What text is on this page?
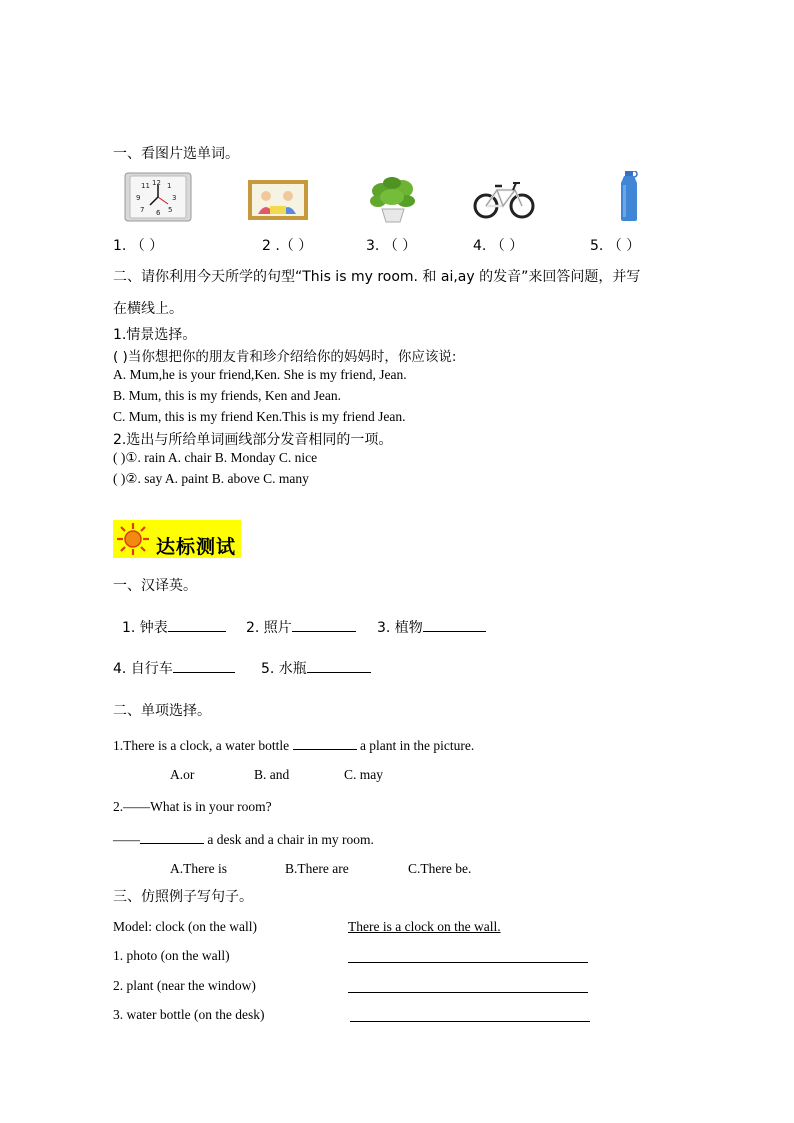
一、看图片选单词。
12
3
6
9
1
11
5
7
1. （ ）	2 .（ ）	3. （ ）	4. （ ）	5. （ ）
二、请你利用今天所学的句型“This is my room. 和 ai,ay 的发音”来回答问题，并写
在横线上。
1.情景选择。
( )当你想把你的朋友肯和珍介绍给你的妈妈时，你应该说:
A. Mum,he is your friend,Ken. She is my friend, Jean.
B. Mum, this is my friends, Ken and Jean.
C. Mum, this is my friend Ken.This is my friend Jean.
2.选出与所给单词画线部分发音相同的一项。
( )①. rain A. chair B. Monday C. nice
( )②. say A. paint B. above C. many
达标测试
一、汉译英。
1. 钟表	2. 照片	3. 植物
4. 自行车	5. 水瓶
二、单项选择。
1.There is a clock, a water bottle	a plant in the picture.
A.or	B. and	C. may
2.——What is in your room?
——	a desk and a chair in my room.
A.There is	B.There are	C.There be.
三、仿照例子写句子。
Model: clock (on the wall)	There is a clock on the wall.
1. photo (on the wall)
2. plant (near the window)
3. water bottle (on the desk)
